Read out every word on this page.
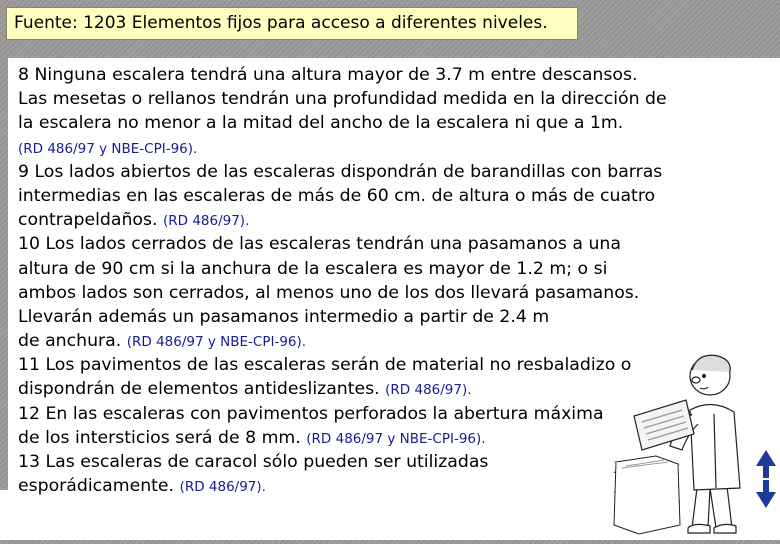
Fuente: 1203 Elementos fijos para acceso a diferentes niveles.
8 Ninguna escalera tendrá una altura mayor de 3.7 m entre descansos.
Las mesetas o rellanos tendrán una profundidad medida en la dirección de
la escalera no menor a la mitad del ancho de la escalera ni que a 1m.
(RD 486/97 y NBE-CPI-96).
9 Los lados abiertos de las escaleras dispondrán de barandillas con barras
intermedias en las escaleras de más de 60 cm. de altura o más de cuatro
contrapeldaños. (RD 486/97).
10 Los lados cerrados de las escaleras tendrán una pasamanos a una
altura de 90 cm si la anchura de la escalera es mayor de 1.2 m; o si
ambos lados son cerrados, al menos uno de los dos llevará pasamanos.
Llevarán además un pasamanos intermedio a partir de 2.4 m
de anchura. (RD 486/97 y NBE-CPI-96).
11 Los pavimentos de las escaleras serán de material no resbaladizo o
dispondrán de elementos antideslizantes. (RD 486/97).
12 En las escaleras con pavimentos perforados la abertura máxima
de los intersticios será de 8 mm. (RD 486/97 y NBE-CPI-96).
13 Las escaleras de caracol sólo pueden ser utilizadas
esporádicamente. (RD 486/97).
